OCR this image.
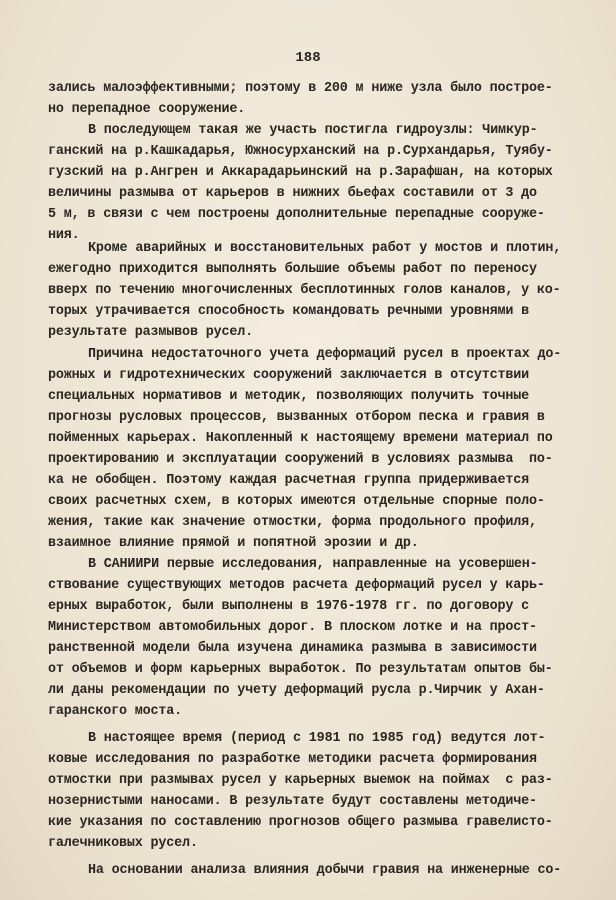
188
зались малоэффективными; поэтому в 200 м ниже узла было построе-
но перепадное сооружение.
В последующем такая же участь постигла гидроузлы: Чимкур-
ганский на р.Кашкадарья, Южносурханский на р.Сурхандарья, Туябу-
гузский на р.Ангрен и Аккарадарьинский на р.Зарафшан, на которых
величины размыва от карьеров в нижних бьефах составили от 3 до
5 м, в связи с чем построены дополнительные перепадные сооруже-
ния.
Кроме аварийных и восстановительных работ у мостов и плотин,
ежегодно приходится выполнять большие объемы работ по переносу
вверх по течению многочисленных бесплотинных голов каналов, у ко-
торых утрачивается способность командовать речными уровнями в
результате размывов русел.
Причина недостаточного учета деформаций русел в проектах до-
рожных и гидротехнических сооружений заключается в отсутствии
специальных нормативов и методик, позволяющих получить точные
прогнозы русловых процессов, вызванных отбором песка и гравия в
пойменных карьерах. Накопленный к настоящему времени материал по
проектированию и эксплуатации сооружений в условиях размыва  по-
ка не обобщен. Поэтому каждая расчетная группа придерживается
своих расчетных схем, в которых имеются отдельные спорные поло-
жения, такие как значение отмостки, форма продольного профиля,
взаимное влияние прямой и попятной эрозии и др.
В САНИИРИ первые исследования, направленные на усовершен-
ствование существующих методов расчета деформаций русел у карь-
ерных выработок, были выполнены в 1976-1978 гг. по договору с
Министерством автомобильных дорог. В плоском лотке и на прост-
ранственной модели была изучена динамика размыва в зависимости
от объемов и форм карьерных выработок. По результатам опытов бы-
ли даны рекомендации по учету деформаций русла р.Чирчик у Ахан-
гаранского моста.
В настоящее время (период с 1981 по 1985 год) ведутся лот-
ковые исследования по разработке методики расчета формирования
отмостки при размывах русел у карьерных выемок на поймах  с раз-
нозернистыми наносами. В результате будут составлены методиче-
кие указания по составлению прогнозов общего размыва гравелисто-
галечниковых русел.
На основании анализа влияния добычи гравия на инженерные со-
